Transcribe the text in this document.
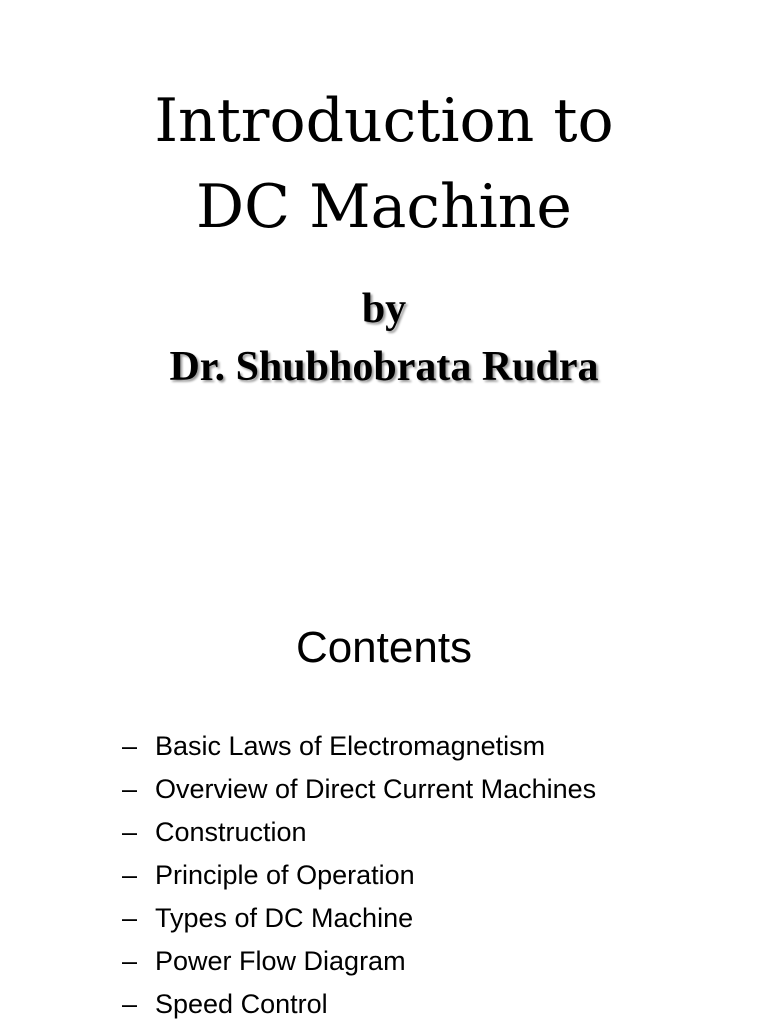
Introduction to
DC Machine
by
Dr. Shubhobrata Rudra
Contents
– Basic Laws of Electromagnetism
– Overview of Direct Current Machines
– Construction
– Principle of Operation
– Types of DC Machine
– Power Flow Diagram
– Speed Control
